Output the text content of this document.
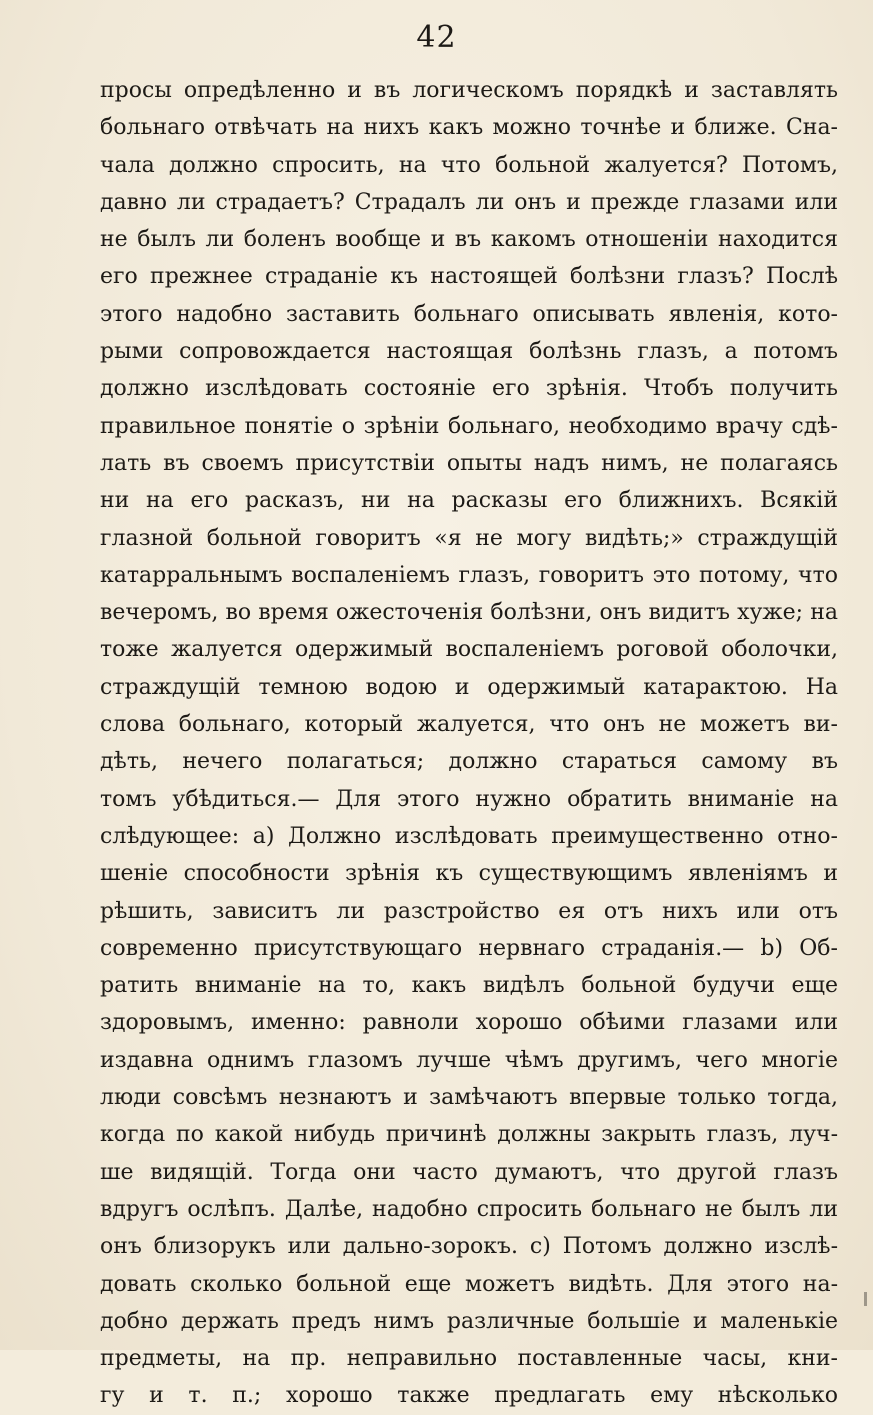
42
просы опредѣленно и въ логическомъ порядкѣ и заставлять
больнаго отвѣчать на нихъ какъ можно точнѣе и ближе. Сна-
чала должно спросить, на что больной жалуется? Потомъ,
давно ли страдаетъ? Страдалъ ли онъ и прежде глазами или
не былъ ли боленъ вообще и въ какомъ отношеніи находится
его прежнее страданіе къ настоящей болѣзни глазъ? Послѣ
этого надобно заставить больнаго описывать явленія, кото-
рыми сопровождается настоящая болѣзнь глазъ, а потомъ
должно изслѣдовать состояніе его зрѣнія. Чтобъ получить
правильное понятіе о зрѣніи больнаго, необходимо врачу сдѣ-
лать въ своемъ присутствіи опыты надъ нимъ, не полагаясь
ни на его расказъ, ни на расказы его ближнихъ. Всякій
глазной больной говоритъ «я не могу видѣть;» страждущій
катарральнымъ воспаленіемъ глазъ, говоритъ это потому, что
вечеромъ, во время ожесточенія болѣзни, онъ видитъ хуже; на
тоже жалуется одержимый воспаленіемъ роговой оболочки,
страждущій темною водою и одержимый катарактою. На
слова больнаго, который жалуется, что онъ не можетъ ви-
дѣть, нечего полагаться; должно стараться самому въ
томъ убѣдиться.— Для этого нужно обратить вниманіе на
слѣдующее: а) Должно изслѣдовать преимущественно отно-
шеніе способности зрѣнія къ существующимъ явленіямъ и
рѣшить, зависитъ ли разстройство ея отъ нихъ или отъ
современно присутствующаго нервнаго страданія.— b) Об-
ратить вниманіе на то, какъ видѣлъ больной будучи еще
здоровымъ, именно: равноли хорошо обѣими глазами или
издавна однимъ глазомъ лучше чѣмъ другимъ, чего многіе
люди совсѣмъ незнаютъ и замѣчаютъ впервые только тогда,
когда по какой нибудь причинѣ должны закрыть глазъ, луч-
ше видящій. Тогда они часто думаютъ, что другой глазъ
вдругъ ослѣпъ. Далѣе, надобно спросить больнаго не былъ ли
онъ близорукъ или дально-зорокъ. с) Потомъ должно изслѣ-
довать сколько больной еще можетъ видѣть. Для этого на-
добно держать предъ нимъ различные большіе и маленькіе
предметы, на пр. неправильно поставленные часы, кни-
гу и т. п.; хорошо также предлагать ему нѣсколько
